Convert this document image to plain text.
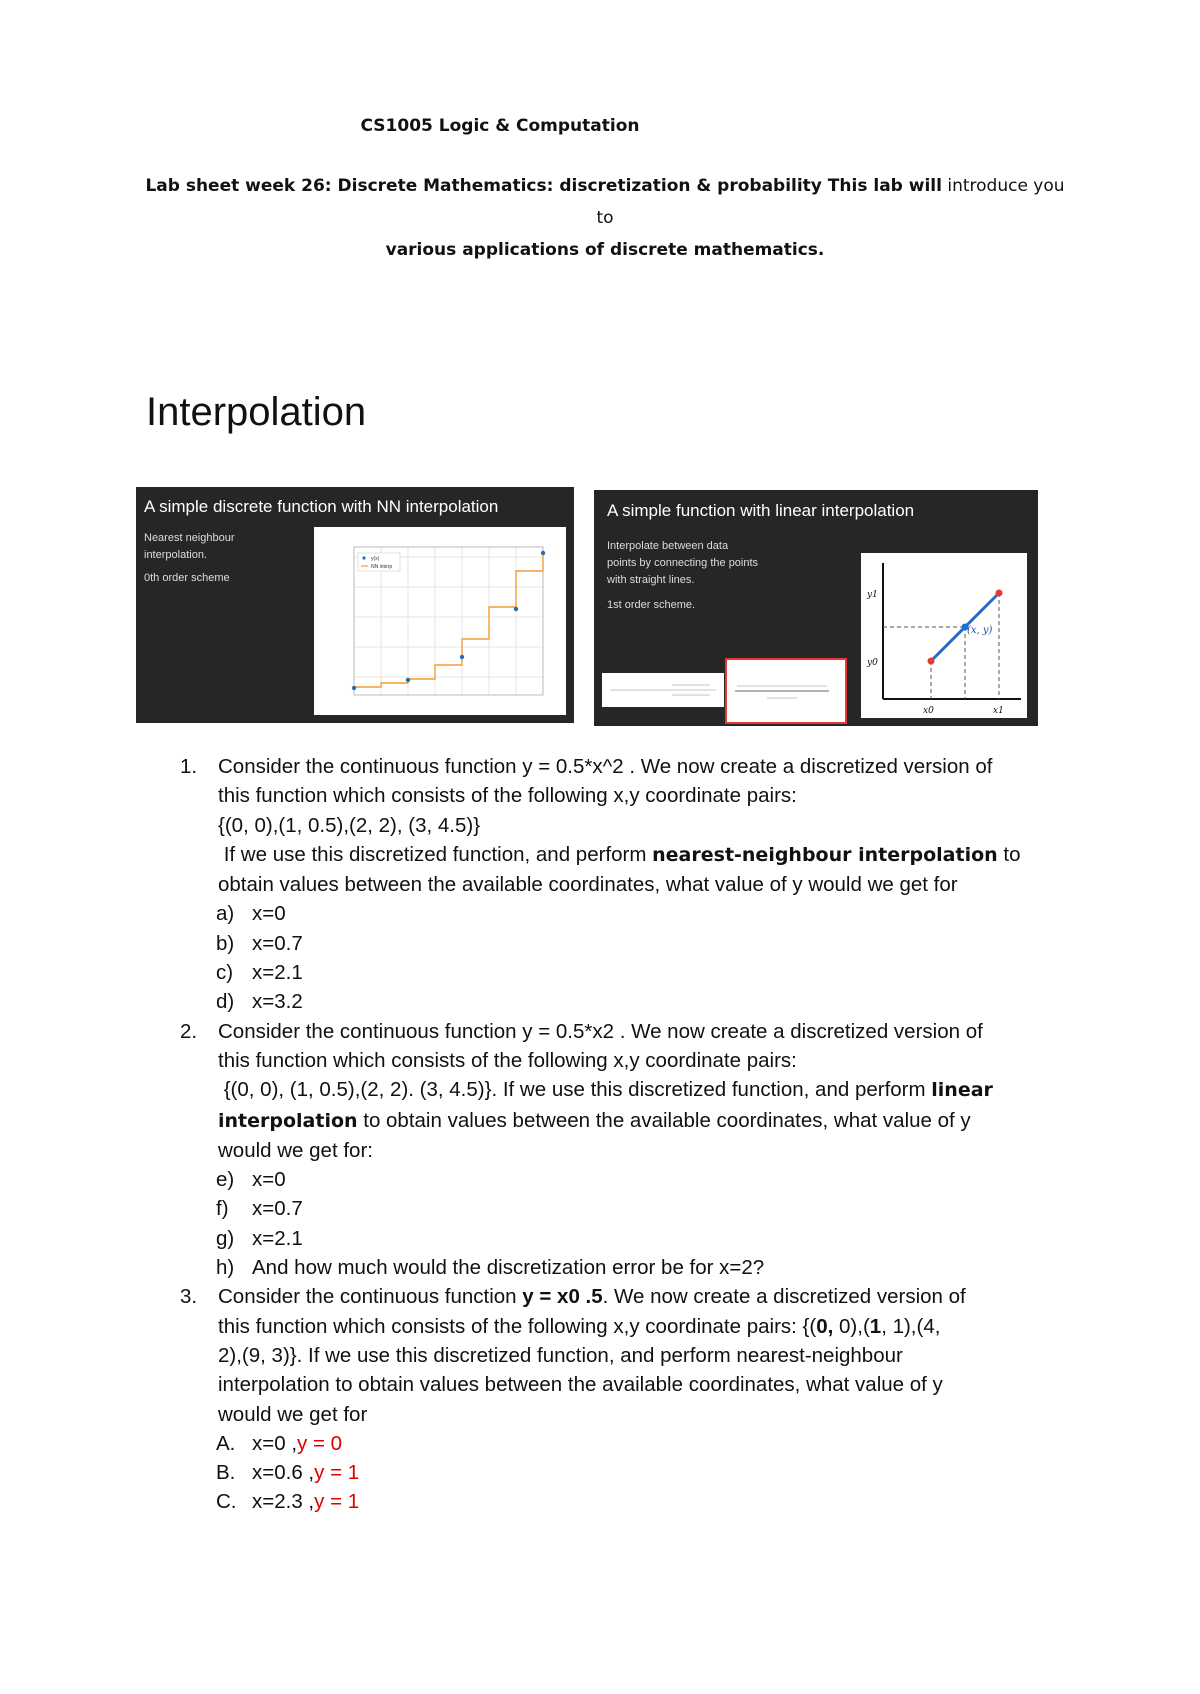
CS1005 Logic & Computation
Lab sheet week 26: Discrete Mathematics: discretization & probability This lab will introduce you to
various applications of discrete mathematics.
Interpolation
A simple discrete function with NN interpolation
Nearest neighbour
interpolation.
0th order scheme
y(x)
NN interp
A simple function with linear interpolation
Interpolate between data
points by connecting the points
with straight lines.
1st order scheme.
(x, y)
y1
y0
x0	x1
1.	Consider the continuous function y = 0.5*x^2 . We now create a discretized version of
this function which consists of the following x,y coordinate pairs:
{(0, 0),(1, 0.5),(2, 2), (3, 4.5)}
If we use this discretized function, and perform nearest-neighbour interpolation to
obtain values between the available coordinates, what value of y would we get for
a) x=0
b) x=0.7
c) x=2.1
d) x=3.2
2.	Consider the continuous function y = 0.5*x2 . We now create a discretized version of
this function which consists of the following x,y coordinate pairs:
{(0, 0), (1, 0.5),(2, 2). (3, 4.5)}. If we use this discretized function, and perform linear
interpolation to obtain values between the available coordinates, what value of y
would we get for:
e) x=0
f)	x=0.7
g) x=2.1
h) And how much would the discretization error be for x=2?
3.	Consider the continuous function y = x0 .5. We now create a discretized version of
this function which consists of the following x,y coordinate pairs: {(0, 0),(1, 1),(4,
2),(9, 3)}. If we use this discretized function, and perform nearest-neighbour
interpolation to obtain values between the available coordinates, what value of y
would we get for
A. x=0 , y = 0
B. x=0.6 , y = 1
C. x=2.3 , y = 1
